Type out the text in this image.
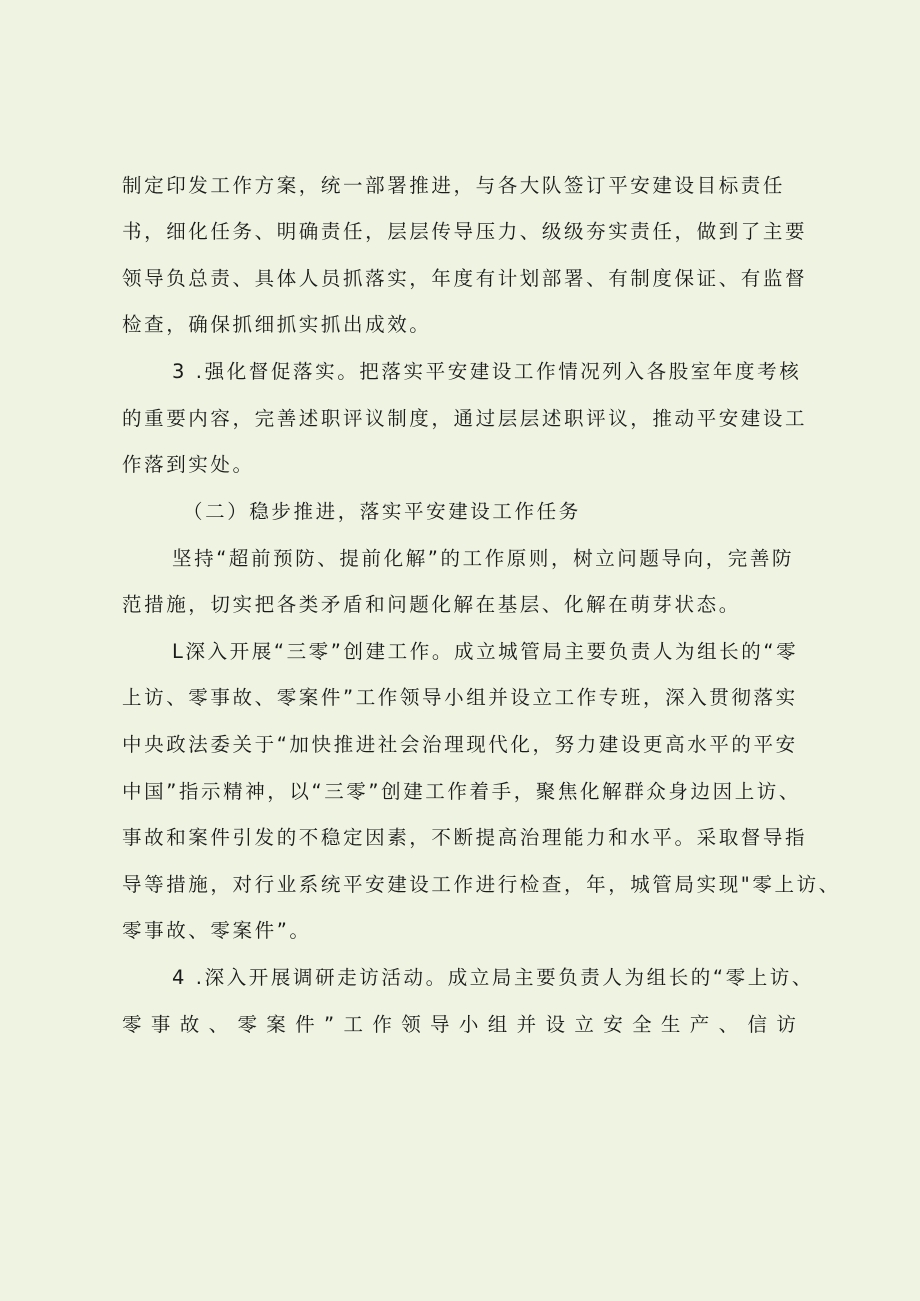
制定印发工作方案，统一部署推进，与各大队签订平安建设目标责任
书，细化任务、明确责任，层层传导压力、级级夯实责任，做到了主要
领导负总责、具体人员抓落实，年度有计划部署、有制度保证、有监督
检查，确保抓细抓实抓出成效。
3 .强化督促落实。把落实平安建设工作情况列入各股室年度考核
的重要内容，完善述职评议制度，通过层层述职评议，推动平安建设工
作落到实处。
（二）稳步推进，落实平安建设工作任务
坚持“超前预防、提前化解”的工作原则，树立问题导向，完善防
范措施，切实把各类矛盾和问题化解在基层、化解在萌芽状态。
L深入开展“三零”创建工作。成立城管局主要负责人为组长的“零
上访、零事故、零案件”工作领导小组并设立工作专班，深入贯彻落实
中央政法委关于“加快推进社会治理现代化，努力建设更高水平的平安
中国”指示精神，以“三零”创建工作着手，聚焦化解群众身边因上访、
事故和案件引发的不稳定因素，不断提高治理能力和水平。采取督导指
导等措施，对行业系统平安建设工作进行检查，年，城管局实现"零上访、
零事故、零案件”。
4 .深入开展调研走访活动。成立局主要负责人为组长的“零上访、
零 事 故 、 零 案 件 ” 工 作 领 导 小 组 并 设 立 安 全 生 产 、 信 访
